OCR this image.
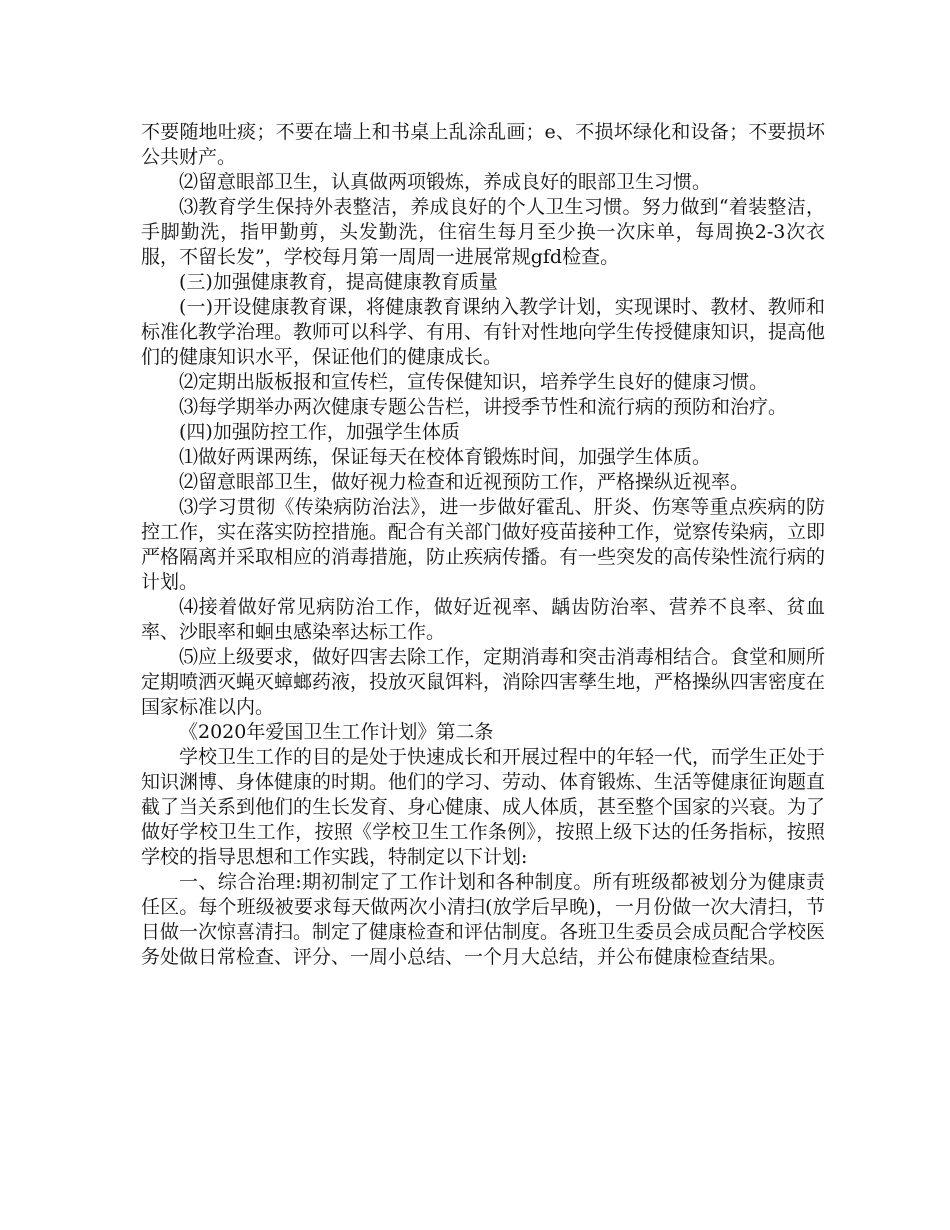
不要随地吐痰；不要在墙上和书桌上乱涂乱画；e、不损坏绿化和设备；不要损坏公共财产。

⑵留意眼部卫生，认真做两项锻炼，养成良好的眼部卫生习惯。

⑶教育学生保持外表整洁，养成良好的个人卫生习惯。努力做到“着装整洁，手脚勤洗，指甲勤剪，头发勤洗，住宿生每月至少换一次床单，每周换2-3次衣服，不留长发”，学校每月第一周周一进展常规gfd检查。

(三)加强健康教育，提高健康教育质量

(一)开设健康教育课，将健康教育课纳入教学计划，实现课时、教材、教师和标准化教学治理。教师可以科学、有用、有针对性地向学生传授健康知识，提高他们的健康知识水平，保证他们的健康成长。

⑵定期出版板报和宣传栏，宣传保健知识，培养学生良好的健康习惯。

⑶每学期举办两次健康专题公告栏，讲授季节性和流行病的预防和治疗。

(四)加强防控工作，加强学生体质

⑴做好两课两练，保证每天在校体育锻炼时间，加强学生体质。

⑵留意眼部卫生，做好视力检查和近视预防工作，严格操纵近视率。

⑶学习贯彻《传染病防治法》，进一步做好霍乱、肝炎、伤寒等重点疾病的防控工作，实在落实防控措施。配合有关部门做好疫苗接种工作，觉察传染病，立即严格隔离并采取相应的消毒措施，防止疾病传播。有一些突发的高传染性流行病的计划。

⑷接着做好常见病防治工作，做好近视率、龋齿防治率、营养不良率、贫血率、沙眼率和蛔虫感染率达标工作。

⑸应上级要求，做好四害去除工作，定期消毒和突击消毒相结合。食堂和厕所定期喷洒灭蝇灭蟑螂药液，投放灭鼠饵料，消除四害孳生地，严格操纵四害密度在国家标准以内。

《2020年爱国卫生工作计划》第二条

学校卫生工作的目的是处于快速成长和开展过程中的年轻一代，而学生正处于知识渊博、身体健康的时期。他们的学习、劳动、体育锻炼、生活等健康征询题直截了当关系到他们的生长发育、身心健康、成人体质，甚至整个国家的兴衰。为了做好学校卫生工作，按照《学校卫生工作条例》，按照上级下达的任务指标，按照学校的指导思想和工作实践，特制定以下计划:

一、综合治理:期初制定了工作计划和各种制度。所有班级都被划分为健康责任区。每个班级被要求每天做两次小清扫(放学后早晚)，一月份做一次大清扫，节日做一次惊喜清扫。制定了健康检查和评估制度。各班卫生委员会成员配合学校医务处做日常检查、评分、一周小总结、一个月大总结，并公布健康检查结果。
